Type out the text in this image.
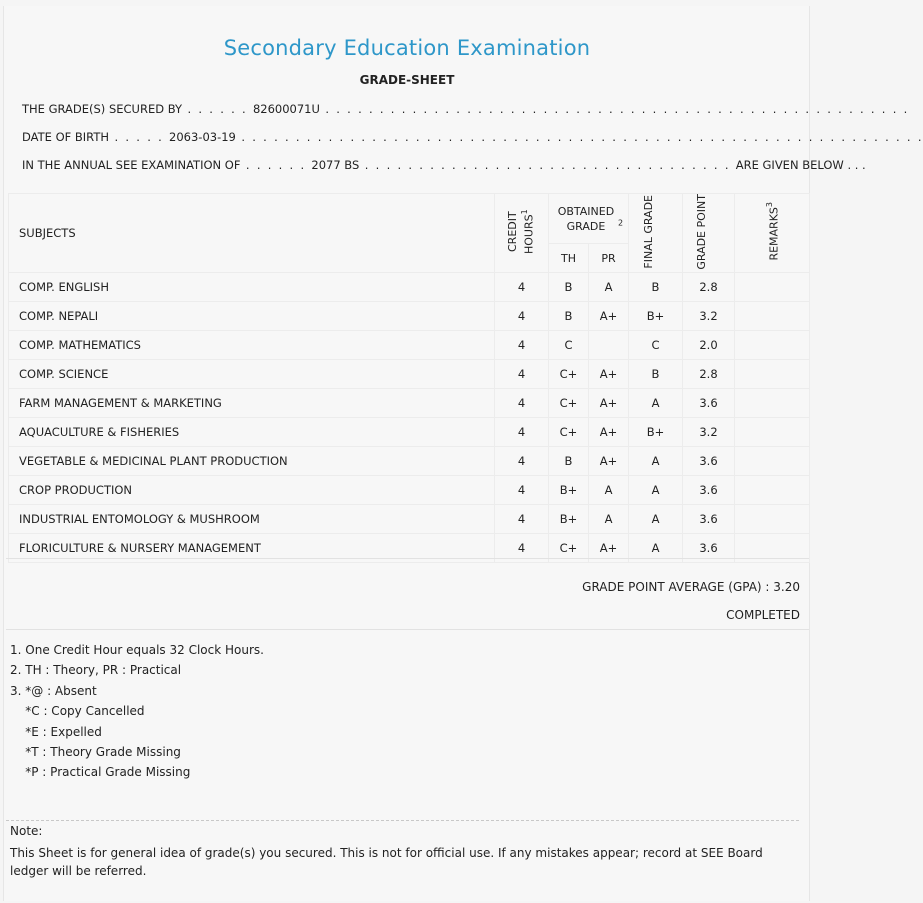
Secondary Education Examination
GRADE-SHEET
THE GRADE(S) SECURED BY . . . . . . 82600071U . . . . . . . . . . . . . . . . . . . . . . . . . . . . . . . . . . . . . . . . . . . . . . . . . . . . . .
DATE OF BIRTH . . . . . 2063-03-19 . . . . . . . . . . . . . . . . . . . . . . . . . . . . . . . . . . . . . . . . . . . . . . . . . . . . . . . . . . . . . . .
IN THE ANNUAL SEE EXAMINATION OF . . . . . . 2077 BS . . . . . . . . . . . . . . . . . . . . . . . . . . . . . . . . . . ARE GIVEN BELOW . . .
SUBJECTS	CREDIT HOURS$^1$	OBTAINED GRADE $^2$		FINAL GRADE	GRADE POINT	REMARKS$^3$
		TH	PR			
COMP. ENGLISH	4	B	A	B	2.8	
COMP. NEPALI	4	B	A+	B+	3.2	
COMP. MATHEMATICS	4	C		C	2.0	
COMP. SCIENCE	4	C+	A+	B	2.8	
FARM MANAGEMENT & MARKETING	4	C+	A+	A	3.6	
AQUACULTURE & FISHERIES	4	C+	A+	B+	3.2	
VEGETABLE & MEDICINAL PLANT PRODUCTION	4	B	A+	A	3.6	
CROP PRODUCTION	4	B+	A	A	3.6	
INDUSTRIAL ENTOMOLOGY & MUSHROOM	4	B+	A	A	3.6	
FLORICULTURE & NURSERY MANAGEMENT	4	C+	A+	A	3.6	
GRADE POINT AVERAGE (GPA) : 3.20
COMPLETED
1. One Credit Hour equals 32 Clock Hours.
2. TH : Theory, PR : Practical
3. *@ : Absent
*C : Copy Cancelled
*E : Expelled
*T : Theory Grade Missing
*P : Practical Grade Missing
Note:
This Sheet is for general idea of grade(s) you secured. This is not for official use. If any mistakes appear; record at SEE Board ledger will be referred.
